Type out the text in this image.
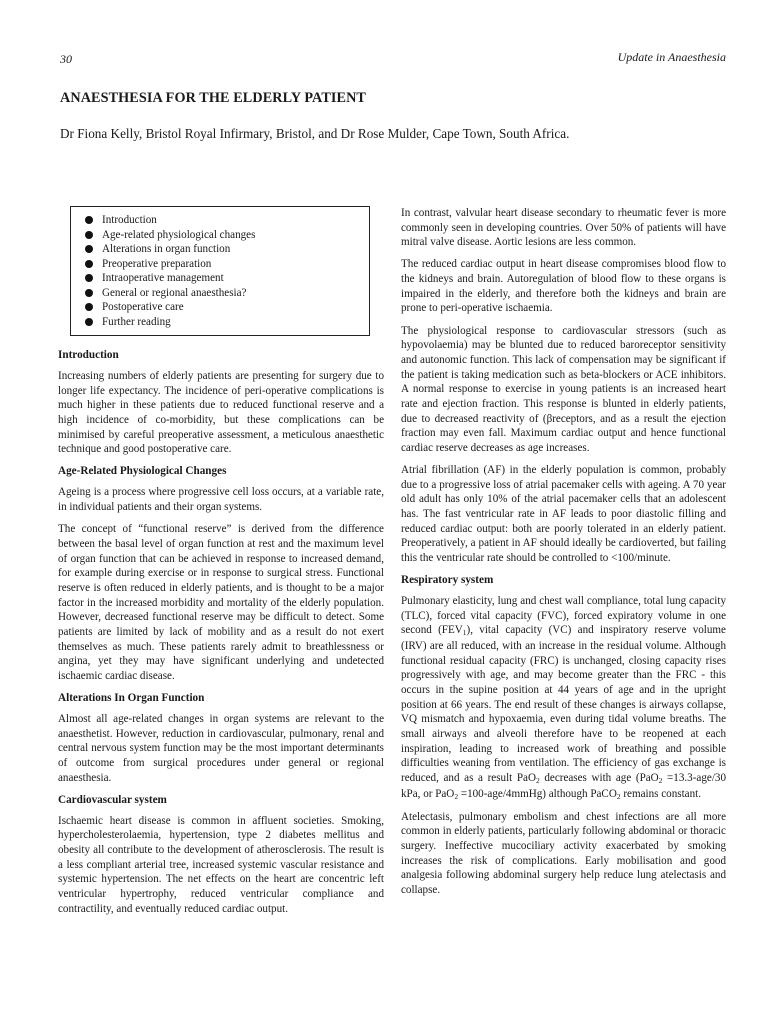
30	Update in Anaesthesia
ANAESTHESIA FOR THE ELDERLY PATIENT

Dr Fiona Kelly, Bristol Royal Infirmary, Bristol, and Dr Rose Mulder, Cape Town, South Africa.

Introduction
Age-related physiological changes
Alterations in organ function
Preoperative preparation
Intraoperative management
General or regional anaesthesia?
Postoperative care
Further reading
Introduction

Increasing numbers of elderly patients are presenting for surgery due to longer life expectancy. The incidence of peri-operative complications is much higher in these patients due to reduced functional reserve and a high incidence of co-morbidity, but these complications can be minimised by careful preoperative assessment, a meticulous anaesthetic technique and good postoperative care.

Age-Related Physiological Changes

Ageing is a process where progressive cell loss occurs, at a variable rate, in individual patients and their organ systems.

The concept of “functional reserve” is derived from the difference between the basal level of organ function at rest and the maximum level of organ function that can be achieved in response to increased demand, for example during exercise or in response to surgical stress. Functional reserve is often reduced in elderly patients, and is thought to be a major factor in the increased morbidity and mortality of the elderly population. However, decreased functional reserve may be difficult to detect. Some patients are limited by lack of mobility and as a result do not exert themselves as much. These patients rarely admit to breathlessness or angina, yet they may have significant underlying and undetected ischaemic cardiac disease.

Alterations In Organ Function

Almost all age-related changes in organ systems are relevant to the anaesthetist. However, reduction in cardiovascular, pulmonary, renal and central nervous system function may be the most important determinants of outcome from surgical procedures under general or regional anaesthesia.

Cardiovascular system

Ischaemic heart disease is common in affluent societies. Smoking, hypercholesterolaemia, hypertension, type 2 diabetes mellitus and obesity all contribute to the development of atherosclerosis. The result is a less compliant arterial tree, increased systemic vascular resistance and systemic hypertension. The net effects on the heart are concentric left ventricular hypertrophy, reduced ventricular compliance and contractility, and eventually reduced cardiac output.

In contrast, valvular heart disease secondary to rheumatic fever is more commonly seen in developing countries. Over 50% of patients will have mitral valve disease. Aortic lesions are less common.

The reduced cardiac output in heart disease compromises blood flow to the kidneys and brain. Autoregulation of blood flow to these organs is impaired in the elderly, and therefore both the kidneys and brain are prone to peri-operative ischaemia.

The physiological response to cardiovascular stressors (such as hypovolaemia) may be blunted due to reduced baroreceptor sensitivity and autonomic function. This lack of compensation may be significant if the patient is taking medication such as beta-blockers or ACE inhibitors. A normal response to exercise in young patients is an increased heart rate and ejection fraction. This response is blunted in elderly patients, due to decreased reactivity of (βreceptors, and as a result the ejection fraction may even fall. Maximum cardiac output and hence functional cardiac reserve decreases as age increases.

Atrial fibrillation (AF) in the elderly population is common, probably due to a progressive loss of atrial pacemaker cells with ageing. A 70 year old adult has only 10% of the atrial pacemaker cells that an adolescent has. The fast ventricular rate in AF leads to poor diastolic filling and reduced cardiac output: both are poorly tolerated in an elderly patient. Preoperatively, a patient in AF should ideally be cardioverted, but failing this the ventricular rate should be controlled to <100/minute.

Respiratory system

Pulmonary elasticity, lung and chest wall compliance, total lung capacity (TLC), forced vital capacity (FVC), forced expiratory volume in one second (FEV1), vital capacity (VC) and inspiratory reserve volume (IRV) are all reduced, with an increase in the residual volume. Although functional residual capacity (FRC) is unchanged, closing capacity rises progressively with age, and may become greater than the FRC - this occurs in the supine position at 44 years of age and in the upright position at 66 years. The end result of these changes is airways collapse, VQ mismatch and hypoxaemia, even during tidal volume breaths. The small airways and alveoli therefore have to be reopened at each inspiration, leading to increased work of breathing and possible difficulties weaning from ventilation. The efficiency of gas exchange is reduced, and as a result PaO2 decreases with age (PaO2 =13.3-age/30 kPa, or PaO2 =100-age/4mmHg) although PaCO2 remains constant.

Atelectasis, pulmonary embolism and chest infections are all more common in elderly patients, particularly following abdominal or thoracic surgery. Ineffective mucociliary activity exacerbated by smoking increases the risk of complications. Early mobilisation and good analgesia following abdominal surgery help reduce lung atelectasis and collapse.
